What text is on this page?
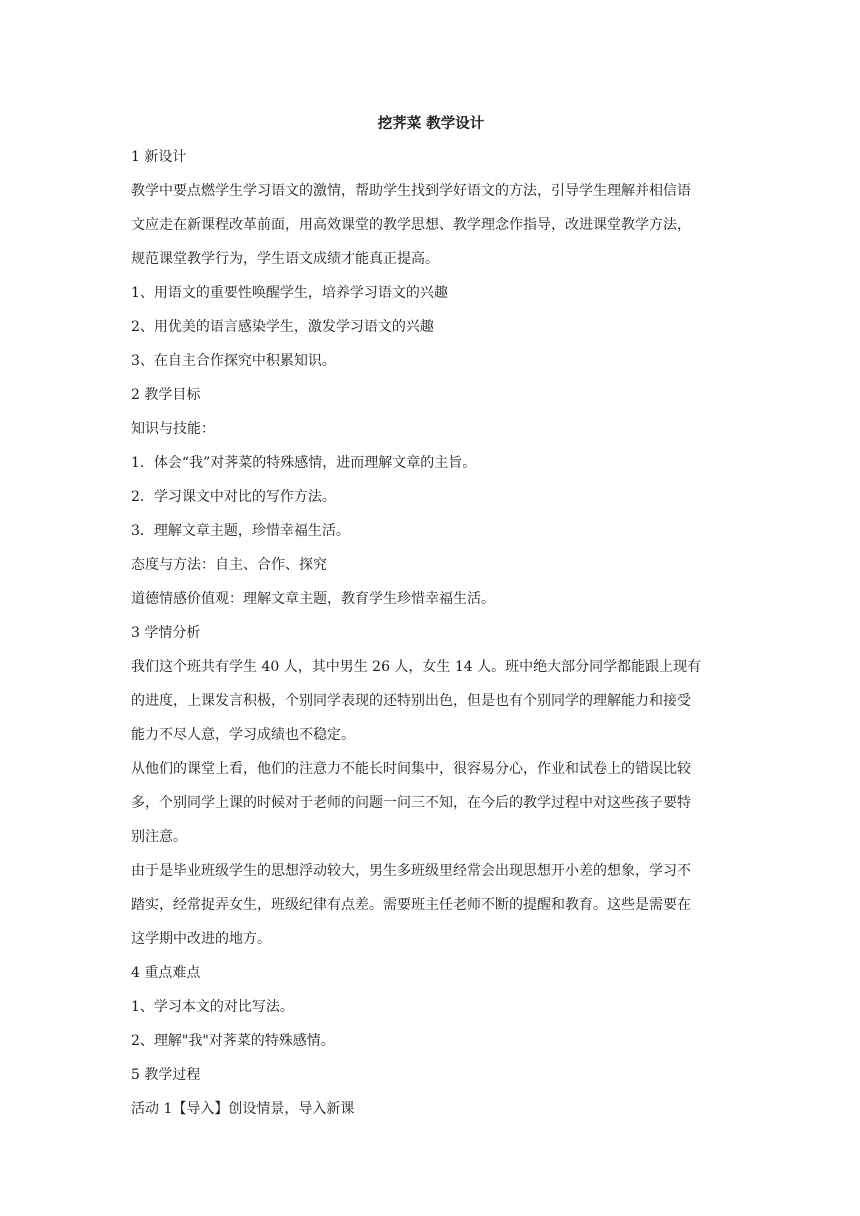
挖荠菜 教学设计
1 新设计
教学中要点燃学生学习语文的激情，帮助学生找到学好语文的方法，引导学生理解并相信语
文应走在新课程改革前面，用高效课堂的教学思想、教学理念作指导，改进课堂教学方法，
规范课堂教学行为，学生语文成绩才能真正提高。
1、用语文的重要性唤醒学生，培养学习语文的兴趣
2、用优美的语言感染学生，激发学习语文的兴趣
3、在自主合作探究中积累知识。
2 教学目标
知识与技能：
1．体会“我”对荠菜的特殊感情，进而理解文章的主旨。
2．学习课文中对比的写作方法。
3．理解文章主题，珍惜幸福生活。
态度与方法：自主、合作、探究
道德情感价值观：理解文章主题，教育学生珍惜幸福生活。
3 学情分析
我们这个班共有学生 40 人，其中男生 26 人，女生 14 人。班中绝大部分同学都能跟上现有
的进度，上课发言积极，个别同学表现的还特别出色，但是也有个别同学的理解能力和接受
能力不尽人意，学习成绩也不稳定。
从他们的课堂上看，他们的注意力不能长时间集中，很容易分心，作业和试卷上的错误比较
多，个别同学上课的时候对于老师的问题一问三不知，在今后的教学过程中对这些孩子要特
别注意。
由于是毕业班级学生的思想浮动较大，男生多班级里经常会出现思想开小差的想象，学习不
踏实，经常捉弄女生，班级纪律有点差。需要班主任老师不断的提醒和教育。这些是需要在
这学期中改进的地方。
4 重点难点
1、学习本文的对比写法。
2、理解"我"对荠菜的特殊感情。
5 教学过程
活动 1【导入】创设情景，导入新课
